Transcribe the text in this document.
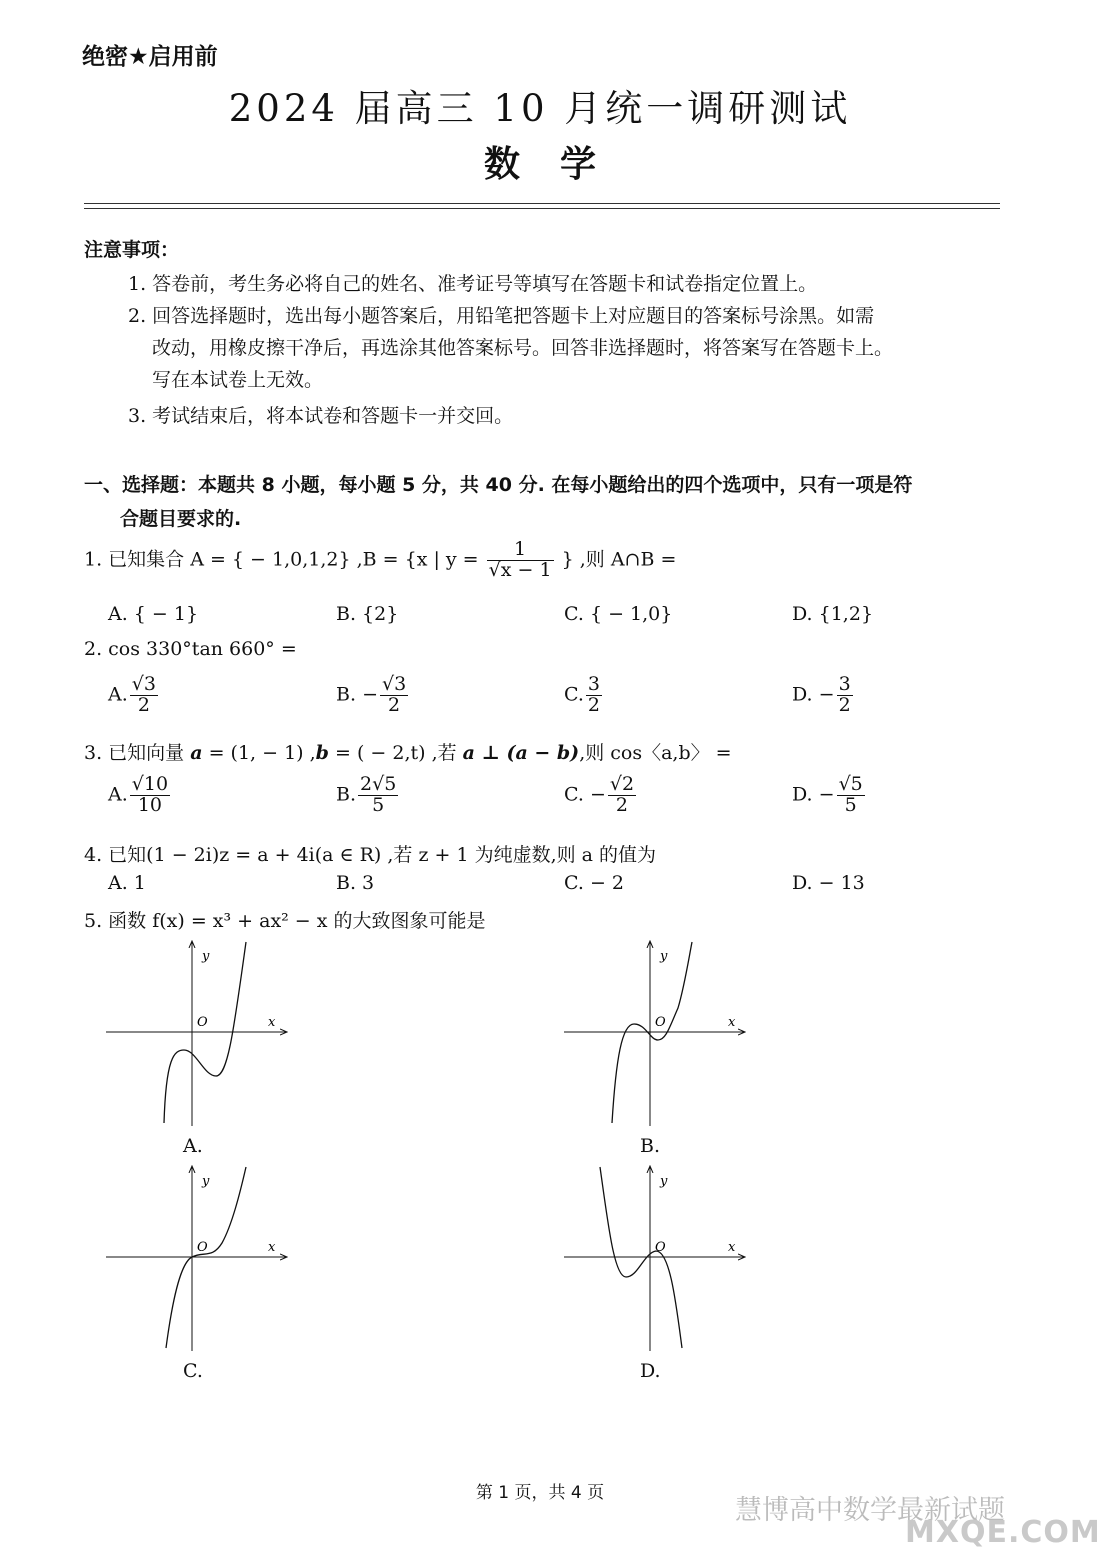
绝密★启用前
2024 届高三 10 月统一调研测试
数学
注意事项：
1. 答卷前，考生务必将自己的姓名、准考证号等填写在答题卡和试卷指定位置上。
2. 回答选择题时，选出每小题答案后，用铅笔把答题卡上对应题目的答案标号涂黑。如需
改动，用橡皮擦干净后，再选涂其他答案标号。回答非选择题时，将答案写在答题卡上。
写在本试卷上无效。
3. 考试结束后，将本试卷和答题卡一并交回。
一、选择题：本题共 8 小题，每小题 5 分，共 40 分. 在每小题给出的四个选项中，只有一项是符
合题目要求的.
1. 已知集合 A = { − 1,0,1,2} ,B = {x | $y = \frac{1}{√x - 1}$ } ,则 A∩B =
A. { − 1}	B. {2}	C. { − 1,0}	D. {1,2}
2. cos 330°tan 660° =
A. $\frac{√3}{2}$	B. − $\frac{√3}{2}$	C. $\frac{3}{2}$	D. − $\frac{3}{2}$
3. 已知向量 a = (1, − 1) ,b = ( − 2,t) ,若 a ⊥ (a − b),则 cos〈a,b〉 =
A. $\frac{√10}{10}$	B. $\frac{2√5}{5}$	C. − $\frac{√2}{2}$	D. − $\frac{√5}{5}$
4. 已知(1 − 2i)z = a + 4i(a ∈ R) ,若 z + 1 为纯虚数,则 a 的值为
A. 1	B. 3	C. − 2	D. − 13
5. 函数 f(x) = x³ + ax² − x 的大致图象可能是
y
x
O
A.
y
x
O
B.
y
x
O
C.
y
x
O
D.
第 1 页，共 4 页
慧博高中数学最新试题
MXQE.COM
